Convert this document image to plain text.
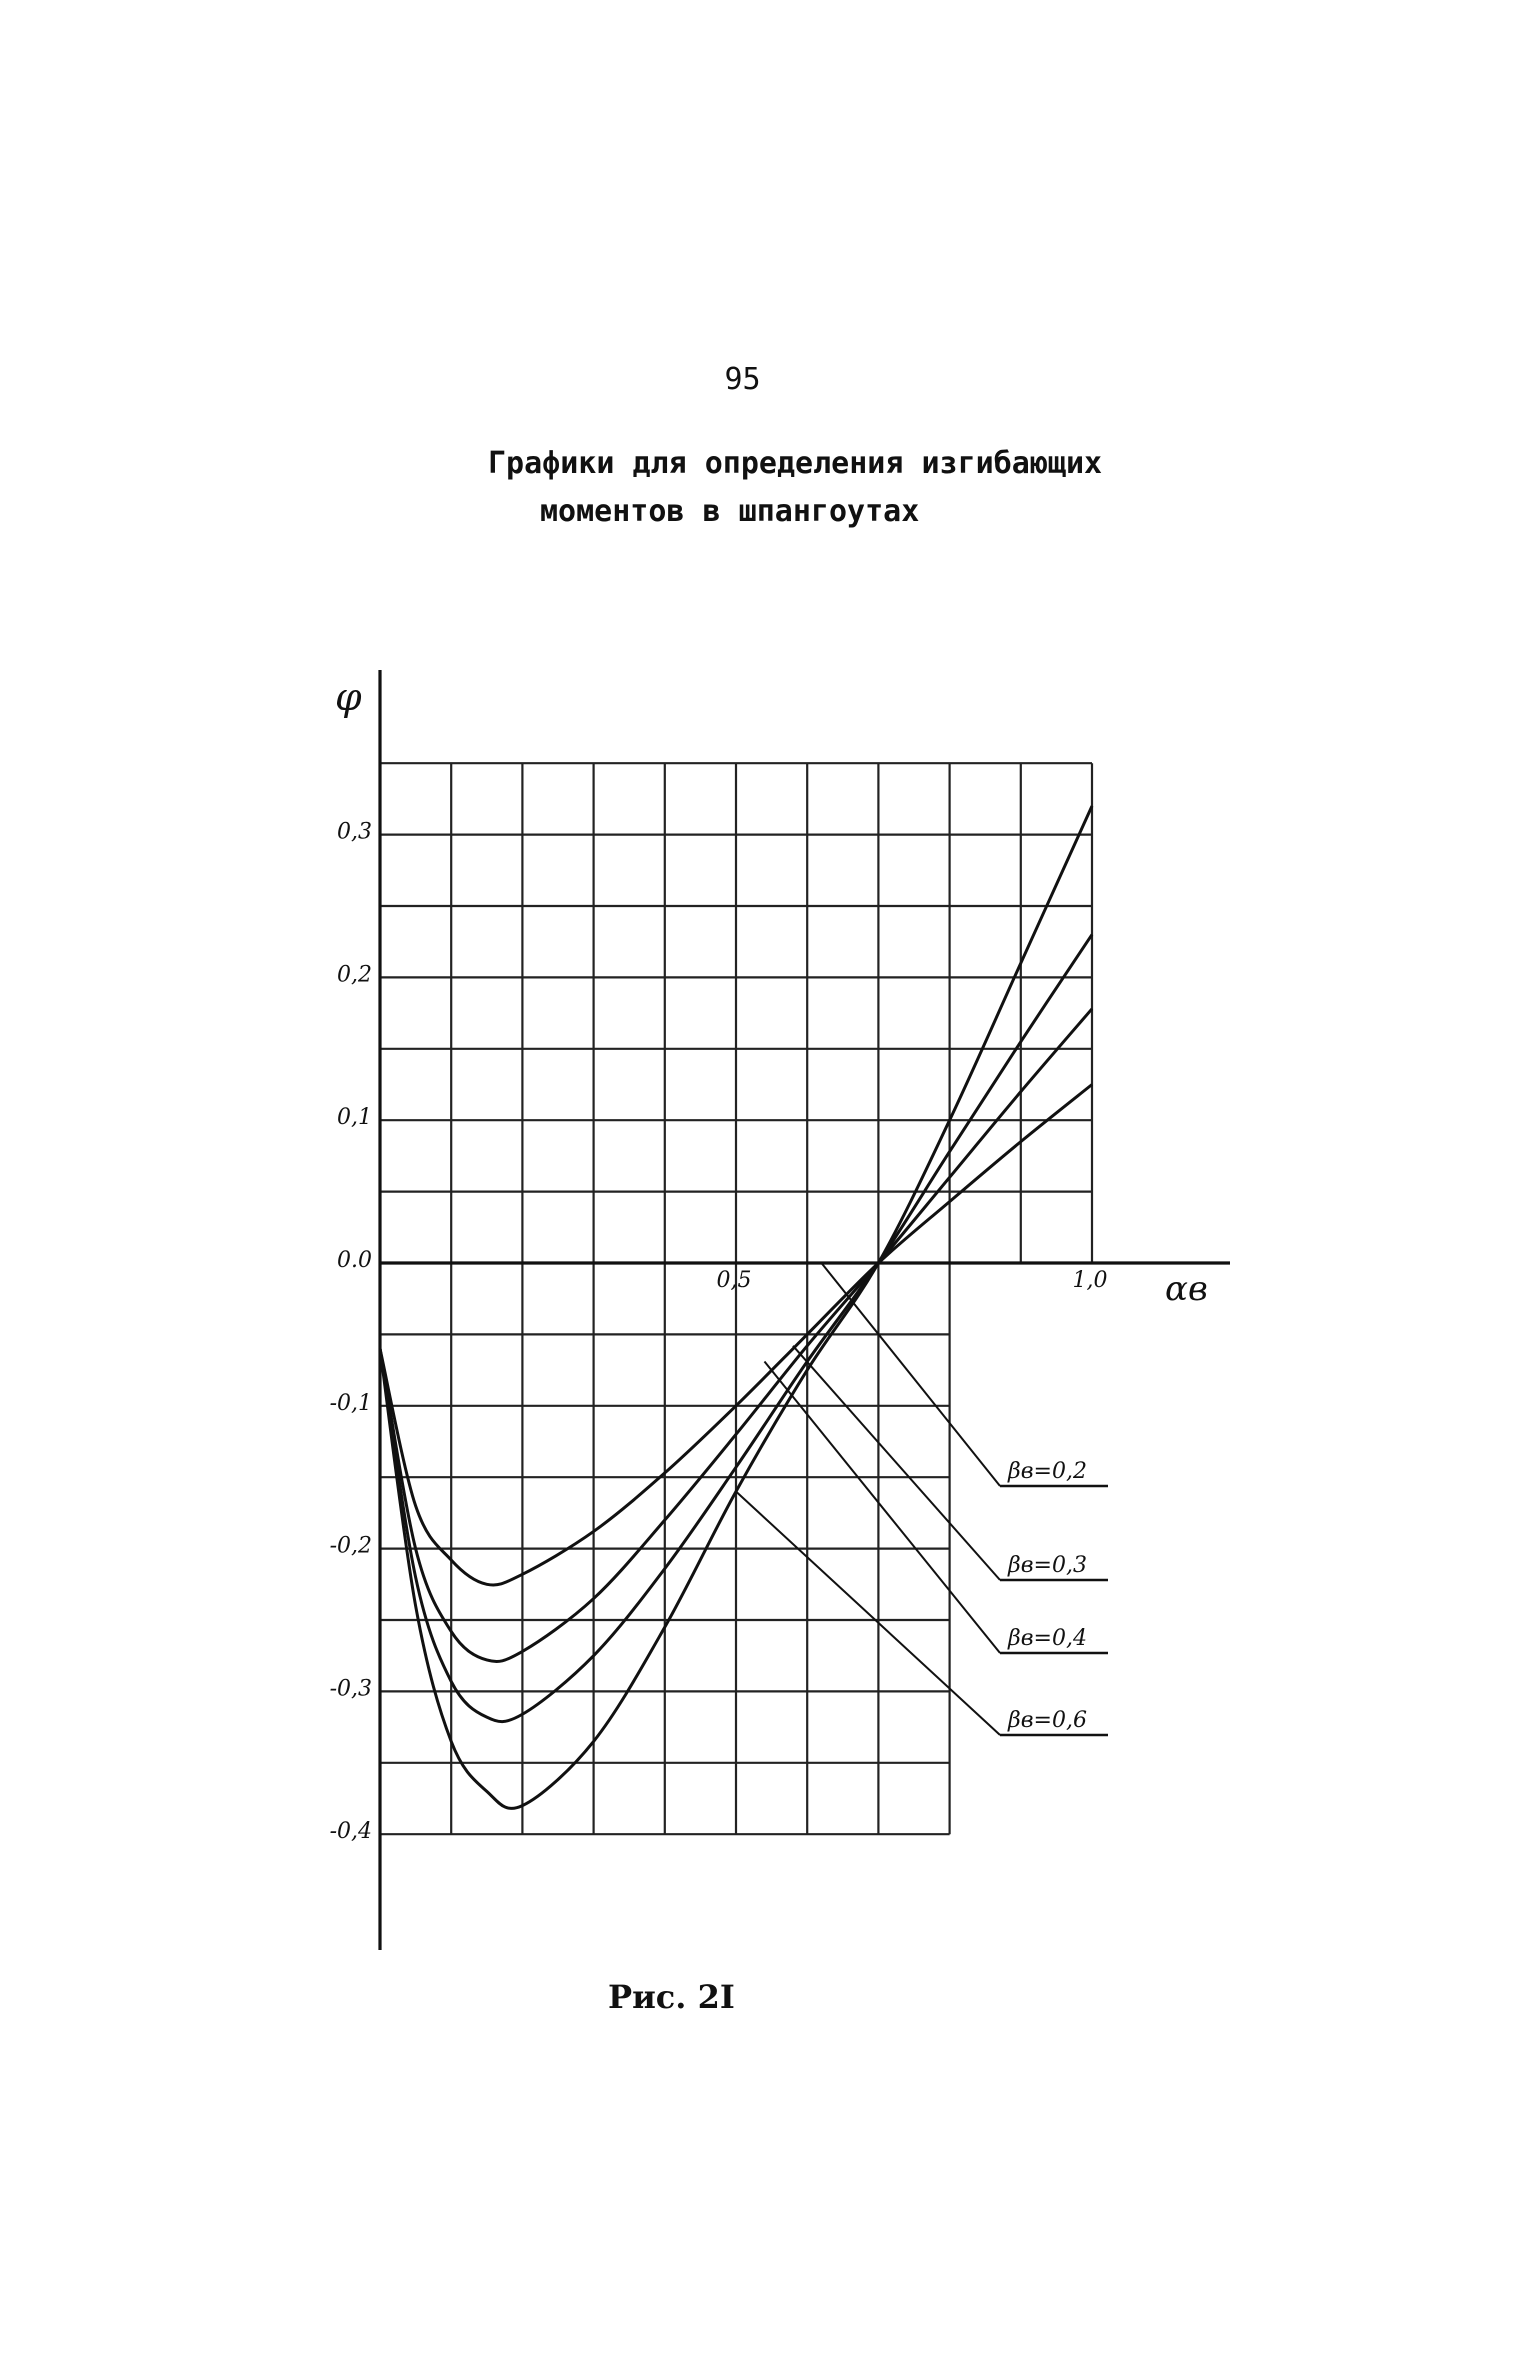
95
Графики для определения изгибающих
моментов в шпангоутах
0,3
0,2
0,1
0.0
-0,1
-0,2
-0,3
-0,4
0,5	1,0
βв=0,2
βв=0,3
βв=0,4
βв=0,6
φ
αв
Рис. 2I
